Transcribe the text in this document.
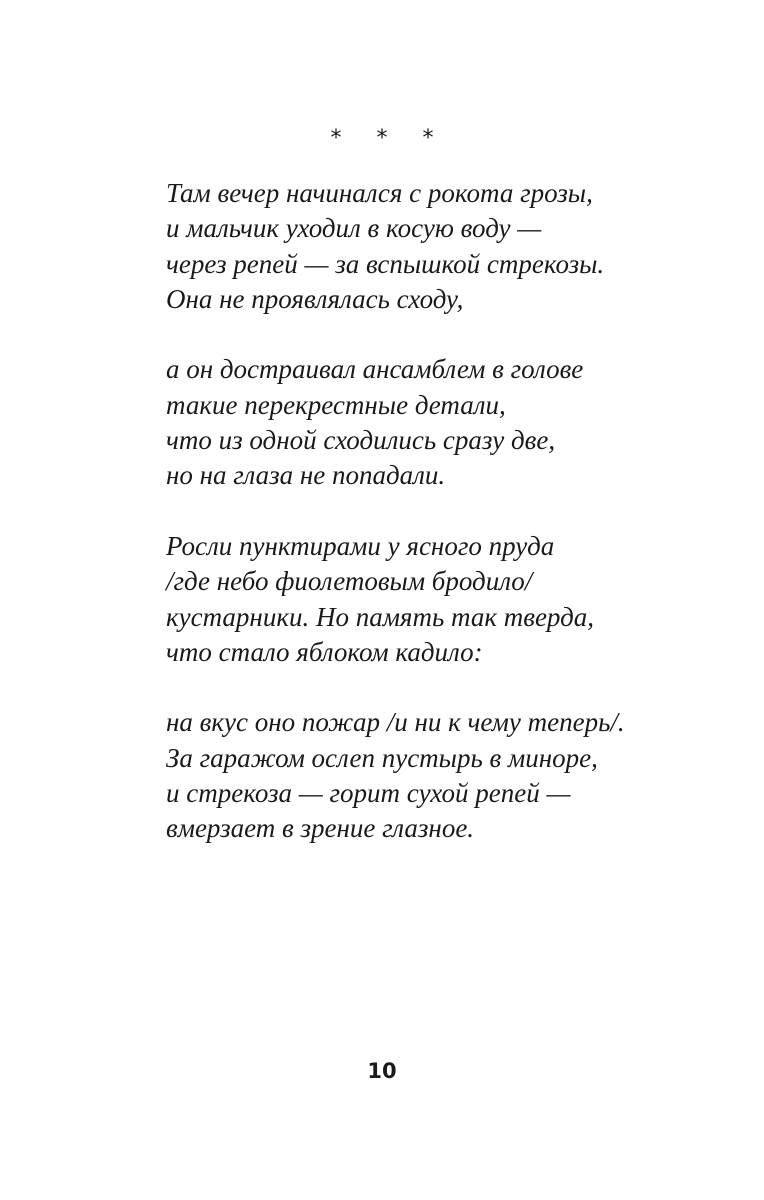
* * *
Там вечер начинался с рокота грозы,
и мальчик уходил в косую воду —
через репей — за вспышкой стрекозы.
Она не проявлялась сходу,
а он достраивал ансамблем в голове
такие перекрестные детали,
что из одной сходились сразу две,
но на глаза не попадали.
Росли пунктирами у ясного пруда
/где небо фиолетовым бродило/
кустарники. Но память так тверда,
что стало яблоком кадило:
на вкус оно пожар /и ни к чему теперь/.
За гаражом ослеп пустырь в миноре,
и стрекоза — горит сухой репей —
вмерзает в зрение глазное.
10
